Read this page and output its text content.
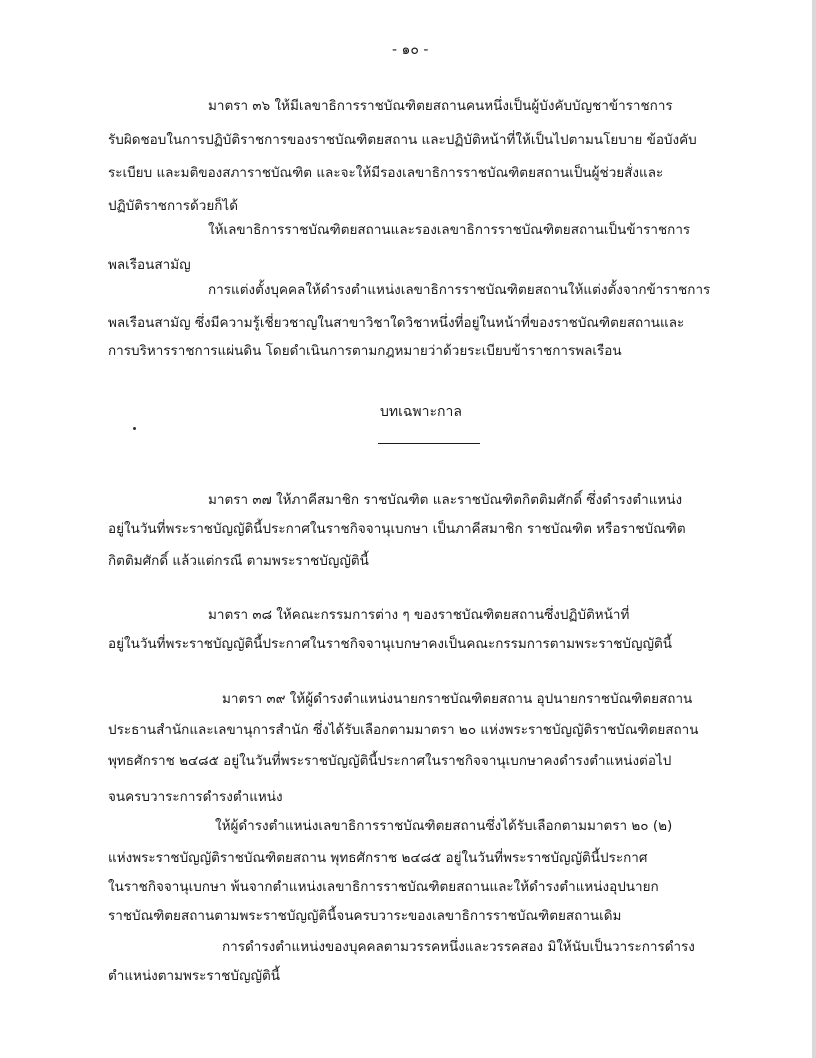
- ๑๐ -
มาตรา ๓๖ ให้มีเลขาธิการราชบัณฑิตยสถานคนหนึ่งเป็นผู้บังคับบัญชาข้าราชการ
รับผิดชอบในการปฏิบัติราชการของราชบัณฑิตยสถาน และปฏิบัติหน้าที่ให้เป็นไปตามนโยบาย ข้อบังคับ
ระเบียบ และมติของสภาราชบัณฑิต และจะให้มีรองเลขาธิการราชบัณฑิตยสถานเป็นผู้ช่วยสั่งและ
ปฏิบัติราชการด้วยก็ได้
ให้เลขาธิการราชบัณฑิตยสถานและรองเลขาธิการราชบัณฑิตยสถานเป็นข้าราชการ
พลเรือนสามัญ
การแต่งตั้งบุคคลให้ดำรงตำแหน่งเลขาธิการราชบัณฑิตยสถานให้แต่งตั้งจากข้าราชการ
พลเรือนสามัญ ซึ่งมีความรู้เชี่ยวชาญในสาขาวิชาใดวิชาหนึ่งที่อยู่ในหน้าที่ของราชบัณฑิตยสถานและ
การบริหารราชการแผ่นดิน โดยดำเนินการตามกฎหมายว่าด้วยระเบียบข้าราชการพลเรือน
บทเฉพาะกาล
มาตรา ๓๗ ให้ภาคีสมาชิก ราชบัณฑิต และราชบัณฑิตกิตติมศักดิ์ ซึ่งดำรงตำแหน่ง
อยู่ในวันที่พระราชบัญญัตินี้ประกาศในราชกิจจานุเบกษา เป็นภาคีสมาชิก ราชบัณฑิต หรือราชบัณฑิต
กิตติมศักดิ์ แล้วแต่กรณี ตามพระราชบัญญัตินี้
มาตรา ๓๘ ให้คณะกรรมการต่าง ๆ ของราชบัณฑิตยสถานซึ่งปฏิบัติหน้าที่
อยู่ในวันที่พระราชบัญญัตินี้ประกาศในราชกิจจานุเบกษาคงเป็นคณะกรรมการตามพระราชบัญญัตินี้
มาตรา ๓๙ ให้ผู้ดำรงตำแหน่งนายกราชบัณฑิตยสถาน อุปนายกราชบัณฑิตยสถาน
ประธานสำนักและเลขานุการสำนัก ซึ่งได้รับเลือกตามมาตรา ๒๐ แห่งพระราชบัญญัติราชบัณฑิตยสถาน
พุทธศักราช ๒๔๘๕ อยู่ในวันที่พระราชบัญญัตินี้ประกาศในราชกิจจานุเบกษาคงดำรงตำแหน่งต่อไป
จนครบวาระการดำรงตำแหน่ง
ให้ผู้ดำรงตำแหน่งเลขาธิการราชบัณฑิตยสถานซึ่งได้รับเลือกตามมาตรา ๒๐ (๒)
แห่งพระราชบัญญัติราชบัณฑิตยสถาน พุทธศักราช ๒๔๘๕ อยู่ในวันที่พระราชบัญญัตินี้ประกาศ
ในราชกิจจานุเบกษา พ้นจากตำแหน่งเลขาธิการราชบัณฑิตยสถานและให้ดำรงตำแหน่งอุปนายก
ราชบัณฑิตยสถานตามพระราชบัญญัตินี้จนครบวาระของเลขาธิการราชบัณฑิตยสถานเดิม
การดำรงตำแหน่งของบุคคลตามวรรคหนึ่งและวรรคสอง มิให้นับเป็นวาระการดำรง
ตำแหน่งตามพระราชบัญญัตินี้
